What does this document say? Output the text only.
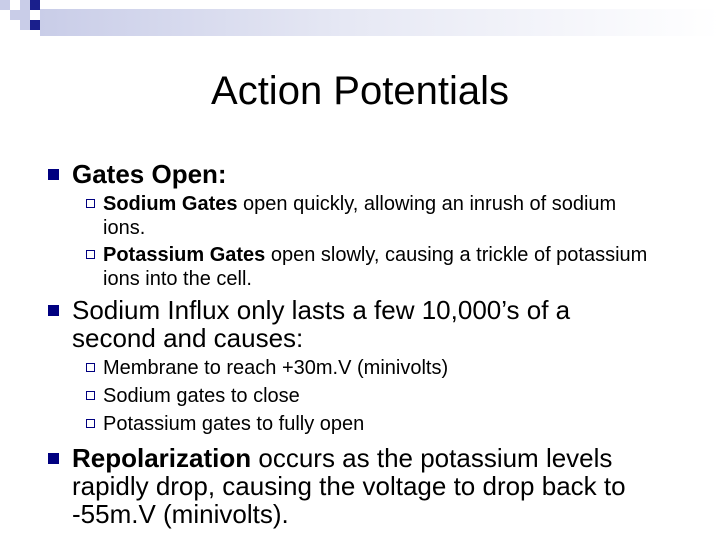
Action Potentials
Gates Open:
Sodium Gates open quickly, allowing an inrush of sodium ions.
Potassium Gates open slowly, causing a trickle of potassium ions into the cell.
Sodium Influx only lasts a few 10,000’s of a second and causes:
Membrane to reach +30m.V (minivolts)
Sodium gates to close
Potassium gates to fully open
Repolarization occurs as the potassium levels rapidly drop, causing the voltage to drop back to -55m.V (minivolts).
